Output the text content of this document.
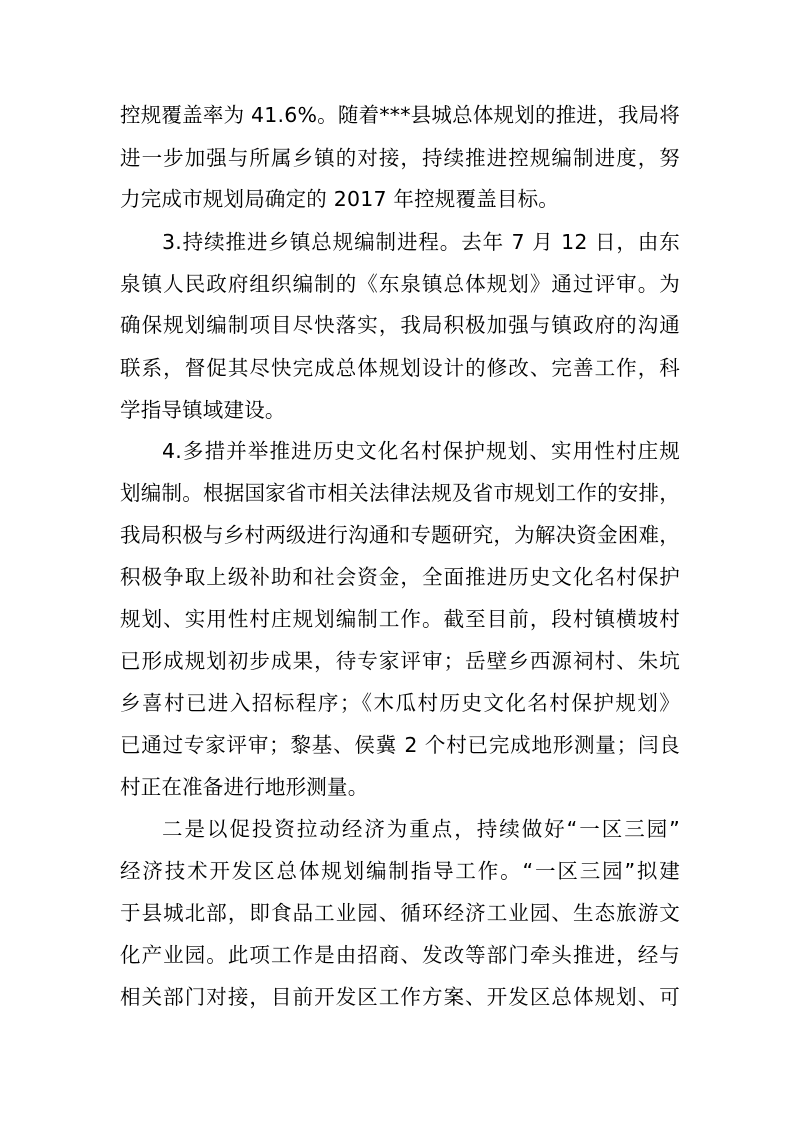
控规覆盖率为 41.6%。随着***县城总体规划的推进，我局将
进一步加强与所属乡镇的对接，持续推进控规编制进度，努
力完成市规划局确定的 2017 年控规覆盖目标。
3.持续推进乡镇总规编制进程。去年 7 月 12 日，由东
泉镇人民政府组织编制的《东泉镇总体规划》通过评审。为
确保规划编制项目尽快落实，我局积极加强与镇政府的沟通
联系，督促其尽快完成总体规划设计的修改、完善工作，科
学指导镇域建设。
4.多措并举推进历史文化名村保护规划、实用性村庄规
划编制。根据国家省市相关法律法规及省市规划工作的安排，
我局积极与乡村两级进行沟通和专题研究，为解决资金困难，
积极争取上级补助和社会资金，全面推进历史文化名村保护
规划、实用性村庄规划编制工作。截至目前，段村镇横坡村
已形成规划初步成果，待专家评审；岳壁乡西源祠村、朱坑
乡喜村已进入招标程序；《木瓜村历史文化名村保护规划》
已通过专家评审；黎基、侯冀 2 个村已完成地形测量；闫良
村正在准备进行地形测量。
二是以促投资拉动经济为重点，持续做好“一区三园”
经济技术开发区总体规划编制指导工作。“一区三园”拟建
于县城北部，即食品工业园、循环经济工业园、生态旅游文
化产业园。此项工作是由招商、发改等部门牵头推进，经与
相关部门对接，目前开发区工作方案、开发区总体规划、可
